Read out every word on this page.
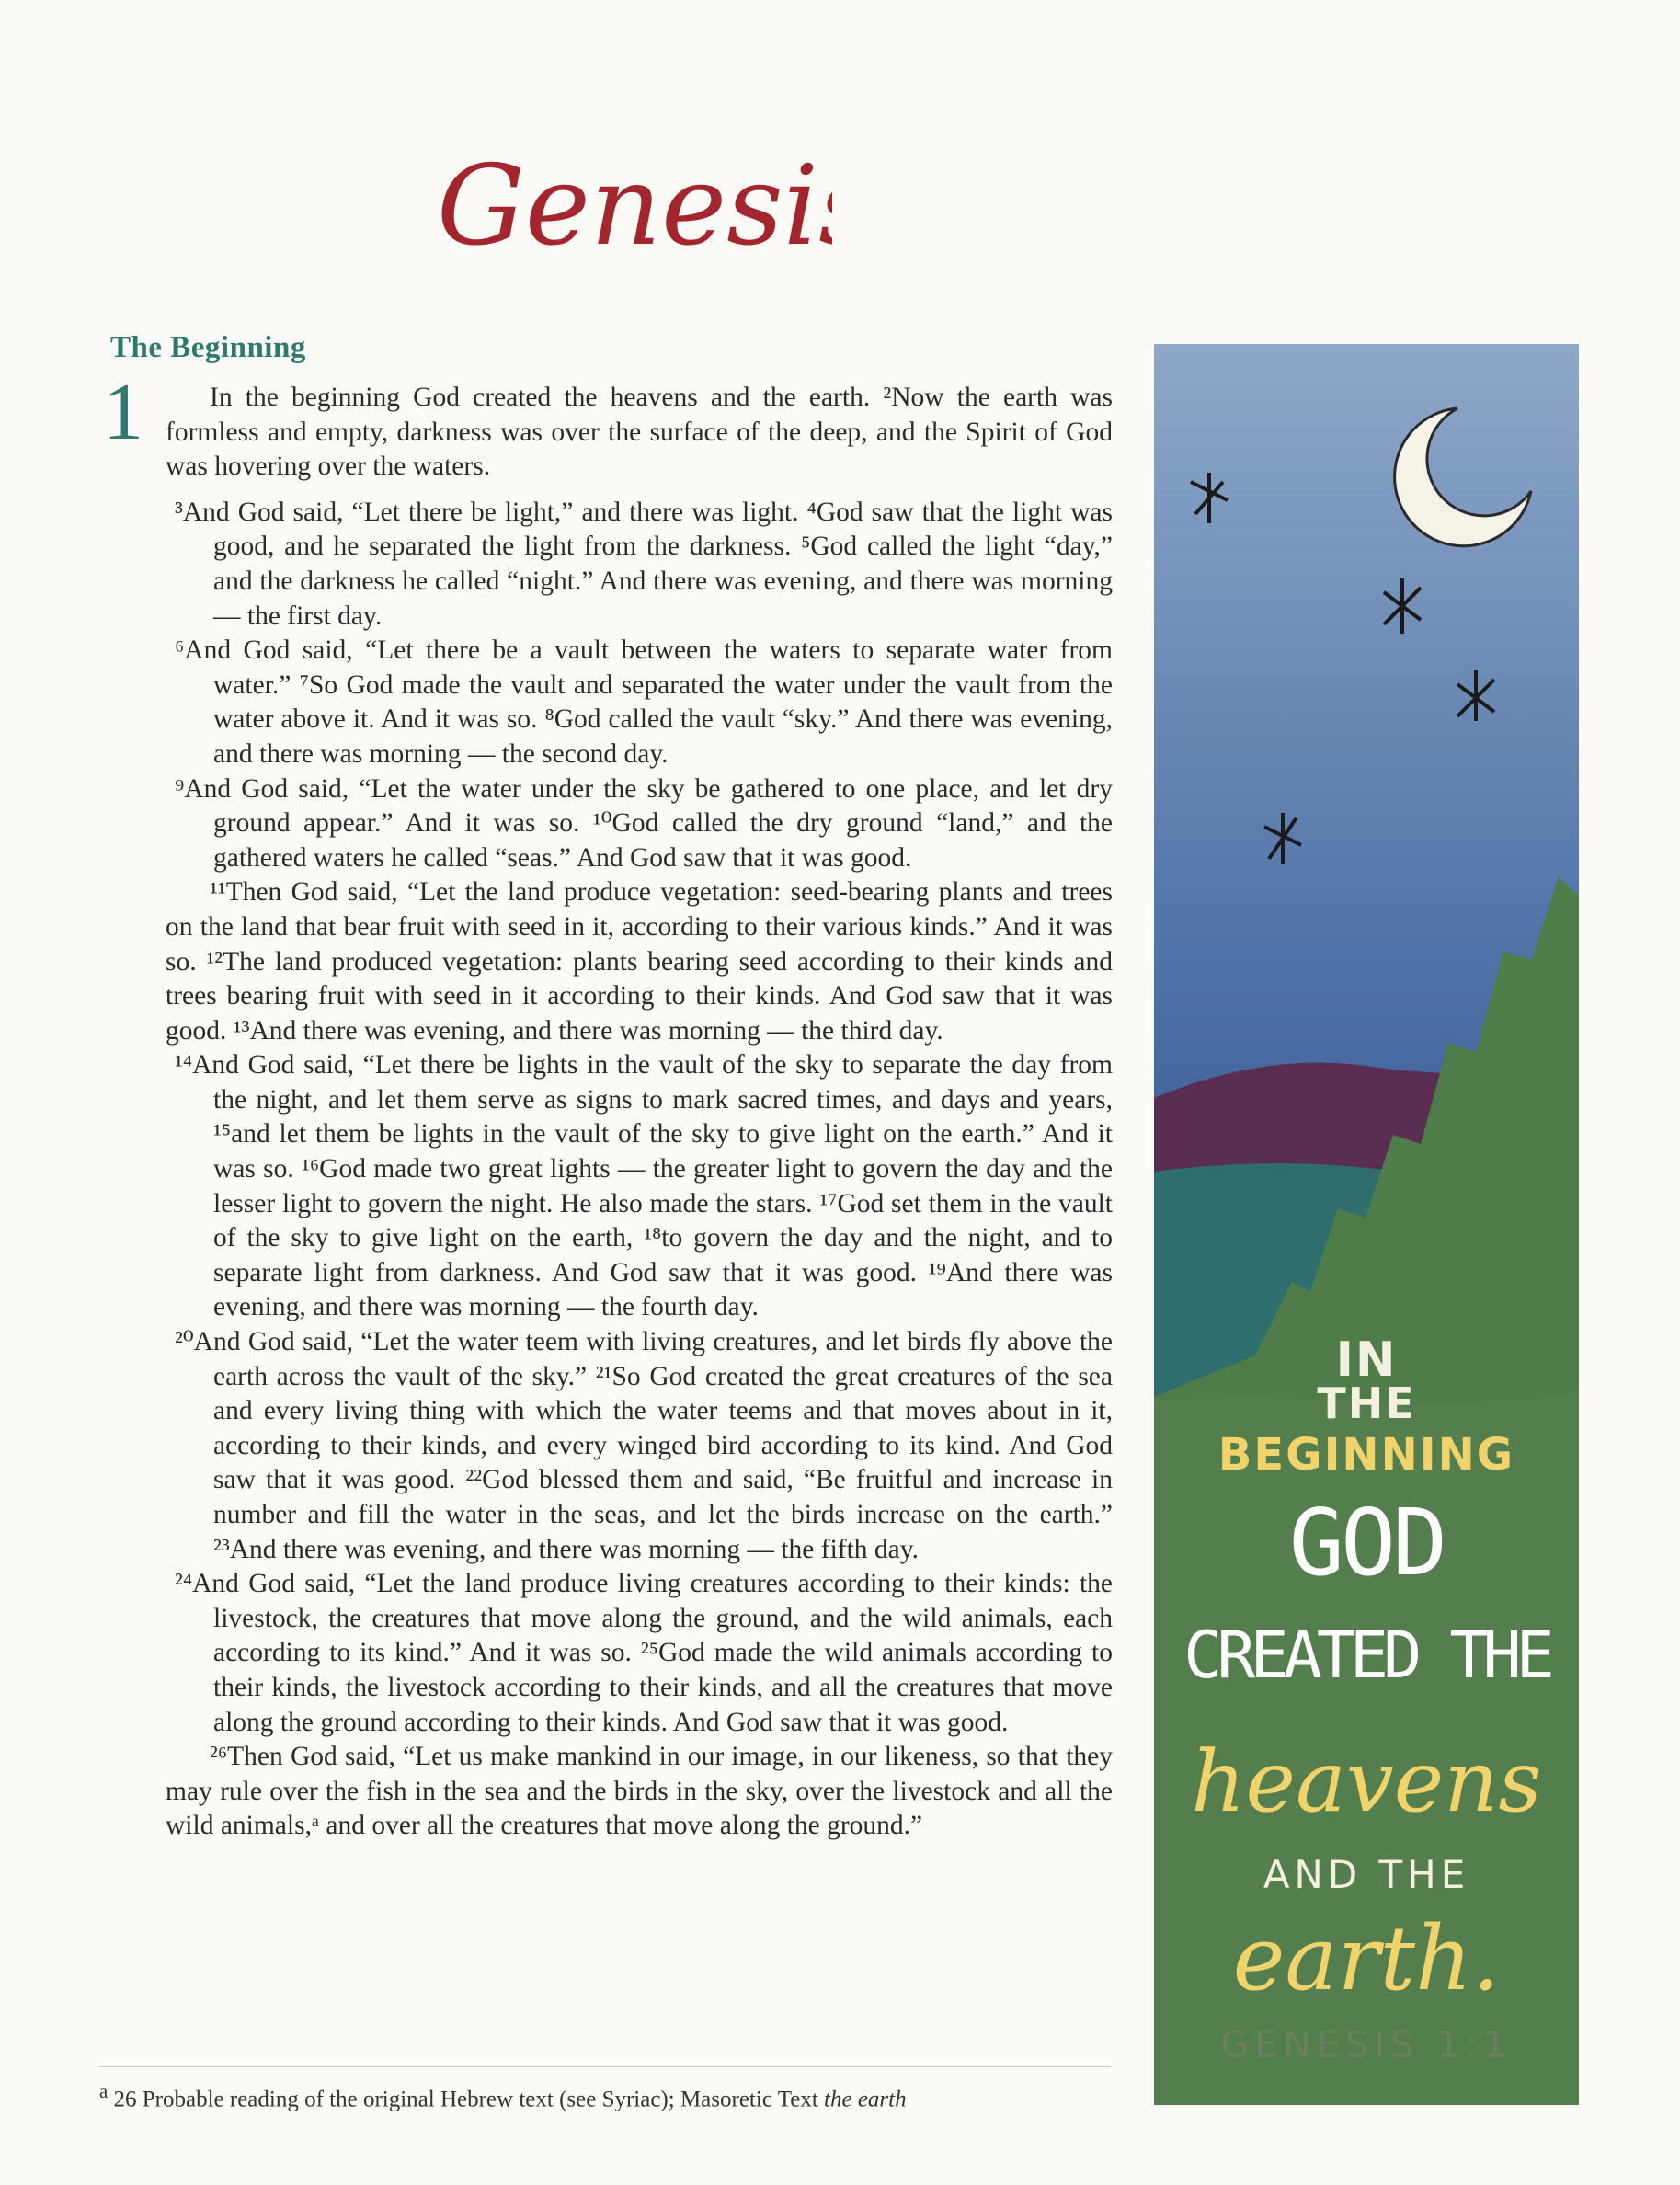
Genesis
The Beginning
1	In the beginning God created the heavens and the earth. ²Now the earth was formless and empty, darkness was over the surface of the deep, and the Spirit of God was hovering over the waters.

³And God said, “Let there be light,” and there was light. ⁴God saw that the light was good, and he separated the light from the darkness. ⁵God called the light “day,” and the darkness he called “night.” And there was evening, and there was morning — the first day.

⁶And God said, “Let there be a vault between the waters to separate water from water.” ⁷So God made the vault and separated the water under the vault from the water above it. And it was so. ⁸God called the vault “sky.” And there was evening, and there was morning — the second day.

⁹And God said, “Let the water under the sky be gathered to one place, and let dry ground appear.” And it was so. ¹⁰God called the dry ground “land,” and the gathered waters he called “seas.” And God saw that it was good.

¹¹Then God said, “Let the land produce vegetation: seed-bearing plants and trees on the land that bear fruit with seed in it, according to their various kinds.” And it was so. ¹²The land produced vegetation: plants bearing seed according to their kinds and trees bearing fruit with seed in it according to their kinds. And God saw that it was good. ¹³And there was evening, and there was morning — the third day.

¹⁴And God said, “Let there be lights in the vault of the sky to separate the day from the night, and let them serve as signs to mark sacred times, and days and years, ¹⁵and let them be lights in the vault of the sky to give light on the earth.” And it was so. ¹⁶God made two great lights — the greater light to govern the day and the lesser light to govern the night. He also made the stars. ¹⁷God set them in the vault of the sky to give light on the earth, ¹⁸to govern the day and the night, and to separate light from darkness. And God saw that it was good. ¹⁹And there was evening, and there was morning — the fourth day.

²⁰And God said, “Let the water teem with living creatures, and let birds fly above the earth across the vault of the sky.” ²¹So God created the great creatures of the sea and every living thing with which the water teems and that moves about in it, according to their kinds, and every winged bird according to its kind. And God saw that it was good. ²²God blessed them and said, “Be fruitful and increase in number and fill the water in the seas, and let the birds increase on the earth.” ²³And there was evening, and there was morning — the fifth day.

²⁴And God said, “Let the land produce living creatures according to their kinds: the livestock, the creatures that move along the ground, and the wild animals, each according to its kind.” And it was so. ²⁵God made the wild animals according to their kinds, the livestock according to their kinds, and all the creatures that move along the ground according to their kinds. And God saw that it was good.

²⁶Then God said, “Let us make mankind in our image, in our likeness, so that they may rule over the fish in the sea and the birds in the sky, over the livestock and all the wild animals,ᵃ and over all the creatures that move along the ground.”

$^a$ 26 Probable reading of the original Hebrew text (see Syriac); Masoretic Text the earth
IN
THE
BEGINNING
GOD
CREATED THE
heavens
AND THE
earth.
GENESIS 1:1
